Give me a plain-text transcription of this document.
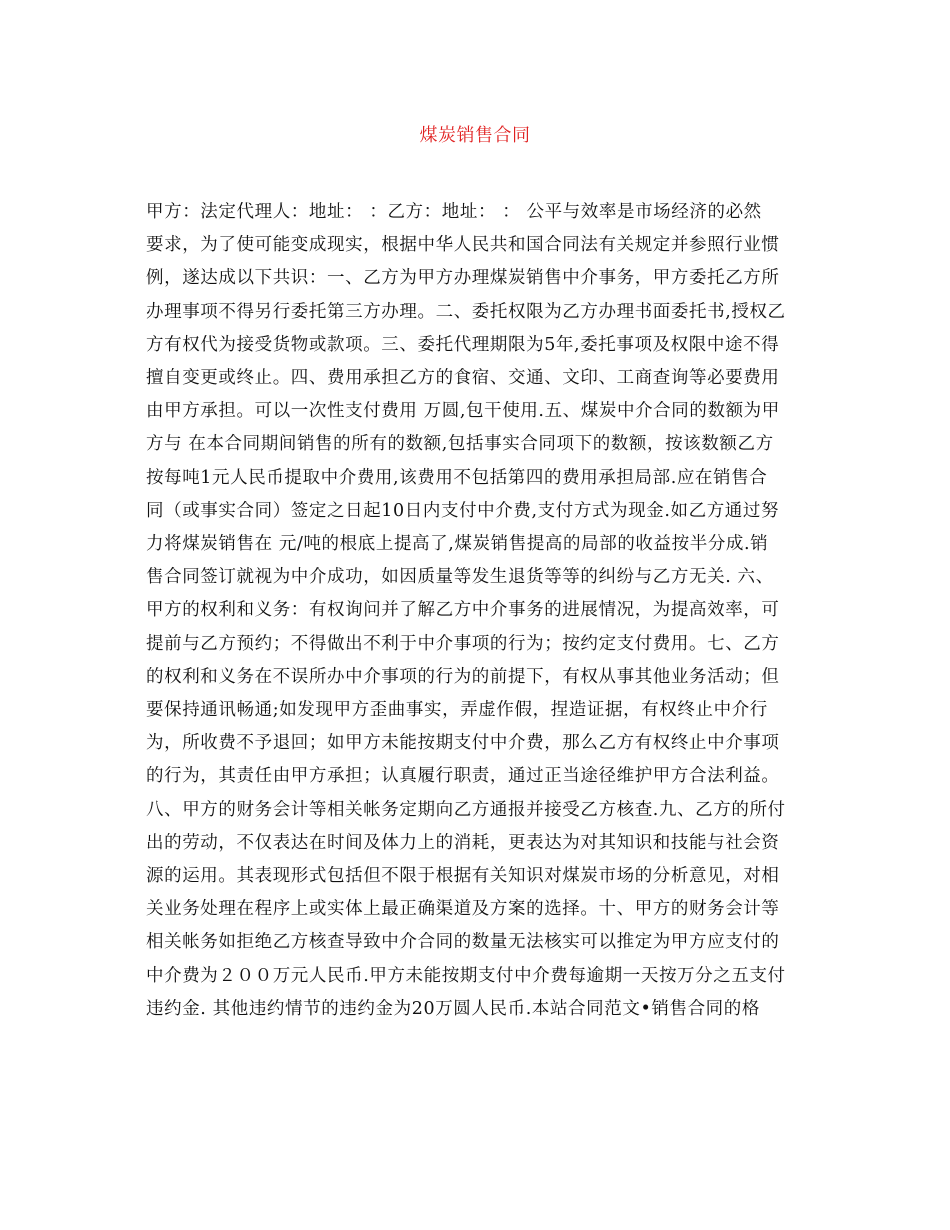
煤炭销售合同

甲方：法定代理人：地址： ：乙方：地址： ： 公平与效率是市场经济的必然
要求，为了使可能变成现实，根据中华人民共和国合同法有关规定并参照行业惯
例，遂达成以下共识：一、乙方为甲方办理煤炭销售中介事务，甲方委托乙方所
办理事项不得另行委托第三方办理。二、委托权限为乙方办理书面委托书,授权乙
方有权代为接受货物或款项。三、委托代理期限为5年,委托事项及权限中途不得
擅自变更或终止。四、费用承担乙方的食宿、交通、文印、工商查询等必要费用
由甲方承担。可以一次性支付费用 万圆,包干使用.五、煤炭中介合同的数额为甲
方与 在本合同期间销售的所有的数额,包括事实合同项下的数额，按该数额乙方
按每吨1元人民币提取中介费用,该费用不包括第四的费用承担局部.应在销售合
同（或事实合同）签定之日起10日内支付中介费,支付方式为现金.如乙方通过努
力将煤炭销售在 元/吨的根底上提高了,煤炭销售提高的局部的收益按半分成.销
售合同签订就视为中介成功，如因质量等发生退货等等的纠纷与乙方无关. 六、
甲方的权利和义务：有权询问并了解乙方中介事务的进展情况，为提高效率，可
提前与乙方预约；不得做出不利于中介事项的行为；按约定支付费用。七、乙方
的权利和义务在不误所办中介事项的行为的前提下，有权从事其他业务活动；但
要保持通讯畅通;如发现甲方歪曲事实，弄虚作假，捏造证据，有权终止中介行
为，所收费不予退回；如甲方未能按期支付中介费，那么乙方有权终止中介事项
的行为，其责任由甲方承担；认真履行职责，通过正当途径维护甲方合法利益。
八、甲方的财务会计等相关帐务定期向乙方通报并接受乙方核查.九、乙方的所付
出的劳动，不仅表达在时间及体力上的消耗，更表达为对其知识和技能与社会资
源的运用。其表现形式包括但不限于根据有关知识对煤炭市场的分析意见，对相
关业务处理在程序上或实体上最正确渠道及方案的选择。十、甲方的财务会计等
相关帐务如拒绝乙方核查导致中介合同的数量无法核实可以推定为甲方应支付的
中介费为２００万元人民币.甲方未能按期支付中介费每逾期一天按万分之五支付
违约金. 其他违约情节的违约金为20万圆人民币.本站合同范文•销售合同的格
